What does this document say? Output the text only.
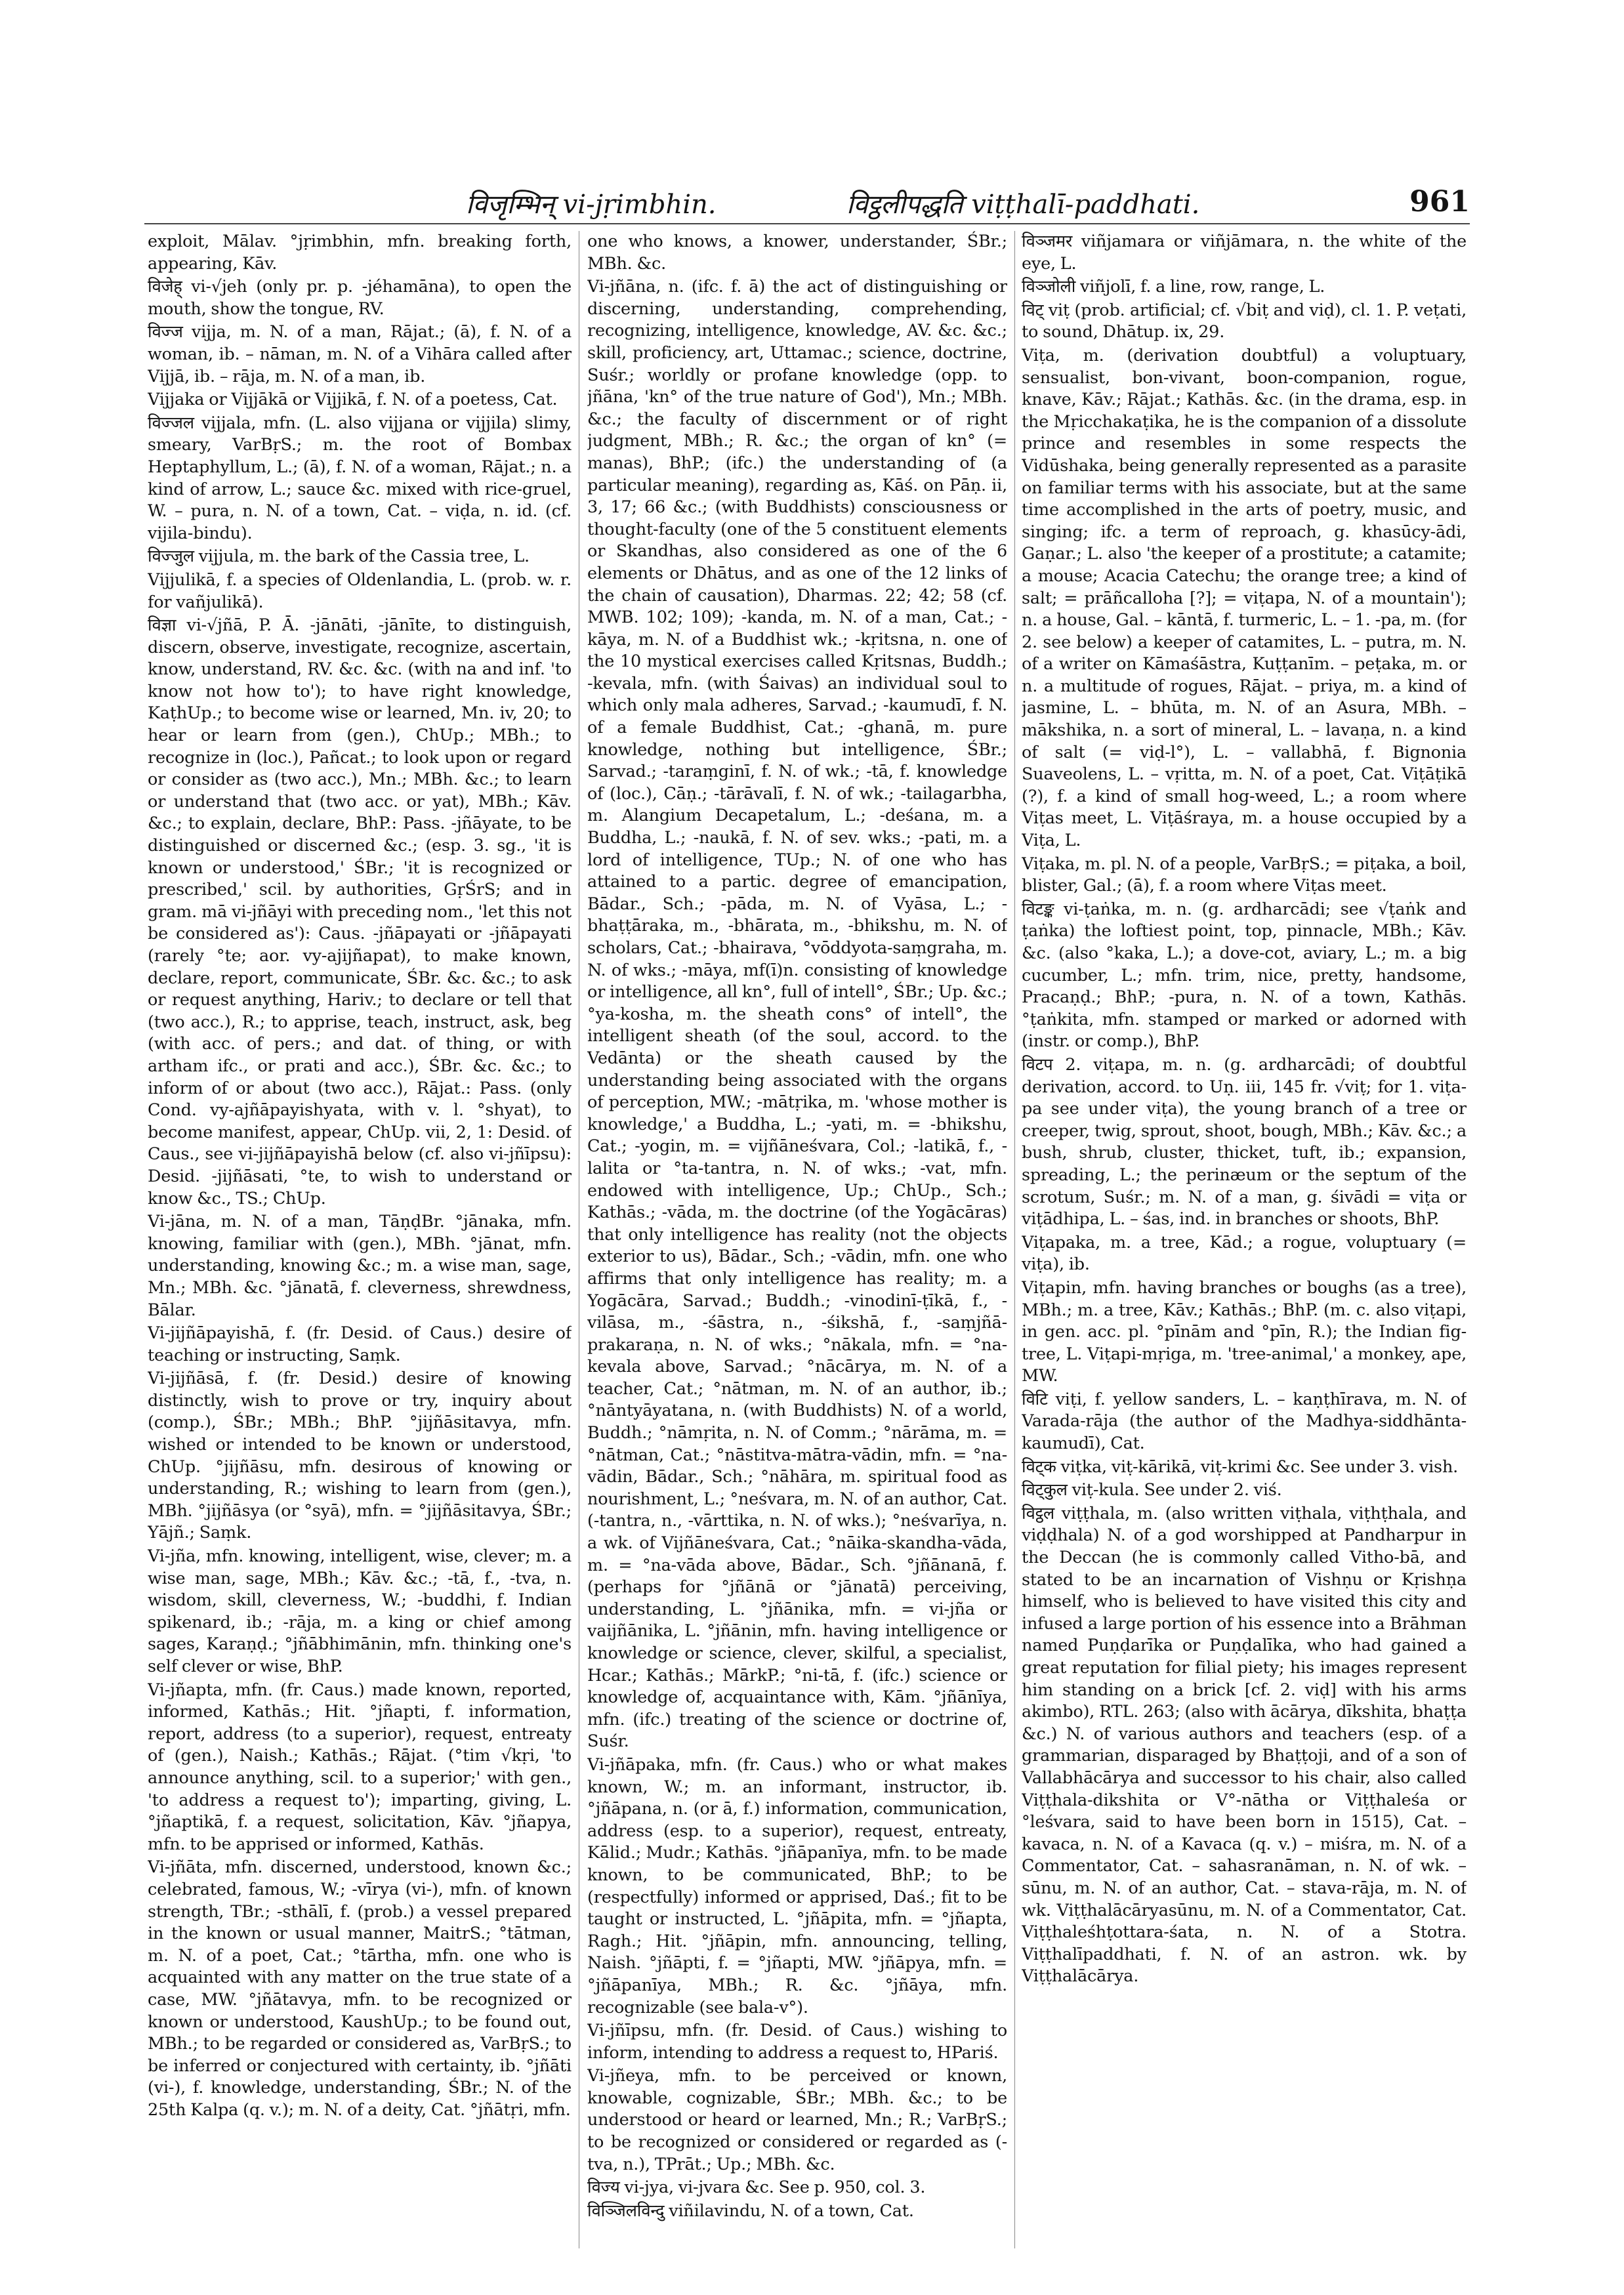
विजृम्भिन् vi-jṛimbhin.	विट्ठलीपद्धति viṭṭhalī-paddhati.	961

exploit, Mālav. °jṛimbhin, mfn. breaking forth, appearing, Kāv.

विजेह् vi-√jeh (only pr. p. -jéhamāna), to open the mouth, show the tongue, RV.

विज्ज vijja, m. N. of a man, Rājat.; (ā), f. N. of a woman, ib. – nāman, m. N. of a Vihāra called after Vijjā, ib. – rāja, m. N. of a man, ib.

Vijjaka or Vijjākā or Vijjikā, f. N. of a poetess, Cat.

विज्जल vijjala, mfn. (L. also vijjana or vijjila) slimy, smeary, VarBṛS.; m. the root of Bombax Heptaphyllum, L.; (ā), f. N. of a woman, Rājat.; n. a kind of arrow, L.; sauce &c. mixed with rice-gruel, W. – pura, n. N. of a town, Cat. – viḍa, n. id. (cf. vijila-bindu).

विज्जुल vijjula, m. the bark of the Cassia tree, L.

Vijjulikā, f. a species of Oldenlandia, L. (prob. w. r. for vañjulikā).

विज्ञा vi-√jñā, P. Ā. -jānāti, -jānīte, to distinguish, discern, observe, investigate, recognize, ascertain, know, understand, RV. &c. &c. (with na and inf. 'to know not how to'); to have right knowledge, KaṭhUp.; to become wise or learned, Mn. iv, 20; to hear or learn from (gen.), ChUp.; MBh.; to recognize in (loc.), Pañcat.; to look upon or regard or consider as (two acc.), Mn.; MBh. &c.; to learn or understand that (two acc. or yat), MBh.; Kāv. &c.; to explain, declare, BhP.: Pass. -jñāyate, to be distinguished or discerned &c.; (esp. 3. sg., 'it is known or understood,' ŚBr.; 'it is recognized or prescribed,' scil. by authorities, GṛŚrS; and in gram. mā vi-jñāyi with preceding nom., 'let this not be considered as'): Caus. -jñāpayati or -jñāpayati (rarely °te; aor. vy-ajijñapat), to make known, declare, report, communicate, ŚBr. &c. &c.; to ask or request anything, Hariv.; to declare or tell that (two acc.), R.; to apprise, teach, instruct, ask, beg (with acc. of pers.; and dat. of thing, or with artham ifc., or prati and acc.), ŚBr. &c. &c.; to inform of or about (two acc.), Rājat.: Pass. (only Cond. vy-ajñāpayishyata, with v. l. °shyat), to become manifest, appear, ChUp. vii, 2, 1: Desid. of Caus., see vi-jijñāpayishā below (cf. also vi-jñīpsu): Desid. -jijñāsati, °te, to wish to understand or know &c., TS.; ChUp.

Vi-jāna, m. N. of a man, TāṇḍBr. °jānaka, mfn. knowing, familiar with (gen.), MBh. °jānat, mfn. understanding, knowing &c.; m. a wise man, sage, Mn.; MBh. &c. °jānatā, f. cleverness, shrewdness, Bālar.

Vi-jijñāpayishā, f. (fr. Desid. of Caus.) desire of teaching or instructing, Saṃk.

Vi-jijñāsā, f. (fr. Desid.) desire of knowing distinctly, wish to prove or try, inquiry about (comp.), ŚBr.; MBh.; BhP. °jijñāsitavya, mfn. wished or intended to be known or understood, ChUp. °jijñāsu, mfn. desirous of knowing or understanding, R.; wishing to learn from (gen.), MBh. °jijñāsya (or °syā), mfn. = °jijñāsitavya, ŚBr.; Yājñ.; Saṃk.

Vi-jña, mfn. knowing, intelligent, wise, clever; m. a wise man, sage, MBh.; Kāv. &c.; -tā, f., -tva, n. wisdom, skill, cleverness, W.; -buddhi, f. Indian spikenard, ib.; -rāja, m. a king or chief among sages, Karaṇḍ.; °jñābhimānin, mfn. thinking one's self clever or wise, BhP.

Vi-jñapta, mfn. (fr. Caus.) made known, reported, informed, Kathās.; Hit. °jñapti, f. information, report, address (to a superior), request, entreaty of (gen.), Naish.; Kathās.; Rājat. (°tim √kṛi, 'to announce anything, scil. to a superior;' with gen., 'to address a request to'); imparting, giving, L. °jñaptikā, f. a request, solicitation, Kāv. °jñapya, mfn. to be apprised or informed, Kathās.

Vi-jñāta, mfn. discerned, understood, known &c.; celebrated, famous, W.; -vīrya (vi-), mfn. of known strength, TBr.; -sthālī, f. (prob.) a vessel prepared in the known or usual manner, MaitrS.; °tātman, m. N. of a poet, Cat.; °tārtha, mfn. one who is acquainted with any matter on the true state of a case, MW. °jñātavya, mfn. to be recognized or known or understood, KaushUp.; to be found out, MBh.; to be regarded or considered as, VarBṛS.; to be inferred or conjectured with certainty, ib. °jñāti (vi-), f. knowledge, understanding, ŚBr.; N. of the 25th Kalpa (q. v.); m. N. of a deity, Cat. °jñātṛi, mfn.

one who knows, a knower, understander, ŚBr.; MBh. &c.

Vi-jñāna, n. (ifc. f. ā) the act of distinguishing or discerning, understanding, comprehending, recognizing, intelligence, knowledge, AV. &c. &c.; skill, proficiency, art, Uttamac.; science, doctrine, Suśr.; worldly or profane knowledge (opp. to jñāna, 'kn° of the true nature of God'), Mn.; MBh. &c.; the faculty of discernment or of right judgment, MBh.; R. &c.; the organ of kn° (= manas), BhP.; (ifc.) the understanding of (a particular meaning), regarding as, Kāś. on Pāṇ. ii, 3, 17; 66 &c.; (with Buddhists) consciousness or thought-faculty (one of the 5 constituent elements or Skandhas, also considered as one of the 6 elements or Dhātus, and as one of the 12 links of the chain of causation), Dharmas. 22; 42; 58 (cf. MWB. 102; 109); -kanda, m. N. of a man, Cat.; -kāya, m. N. of a Buddhist wk.; -kṛitsna, n. one of the 10 mystical exercises called Kṛitsnas, Buddh.; -kevala, mfn. (with Śaivas) an individual soul to which only mala adheres, Sarvad.; -kaumudī, f. N. of a female Buddhist, Cat.; -ghanā, m. pure knowledge, nothing but intelligence, ŚBr.; Sarvad.; -taraṃginī, f. N. of wk.; -tā, f. knowledge of (loc.), Cāṇ.; -tārāvalī, f. N. of wk.; -tailagarbha, m. Alangium Decapetalum, L.; -deśana, m. a Buddha, L.; -naukā, f. N. of sev. wks.; -pati, m. a lord of intelligence, TUp.; N. of one who has attained to a partic. degree of emancipation, Bādar., Sch.; -pāda, m. N. of Vyāsa, L.; -bhaṭṭāraka, m., -bhārata, m., -bhikshu, m. N. of scholars, Cat.; -bhairava, °vōddyota-saṃgraha, m. N. of wks.; -māya, mf(ī)n. consisting of knowledge or intelligence, all kn°, full of intell°, ŚBr.; Up. &c.; °ya-kosha, m. the sheath cons° of intell°, the intelligent sheath (of the soul, accord. to the Vedānta) or the sheath caused by the understanding being associated with the organs of perception, MW.; -mātṛika, m. 'whose mother is knowledge,' a Buddha, L.; -yati, m. = -bhikshu, Cat.; -yogin, m. = vijñāneśvara, Col.; -latikā, f., -lalita or °ta-tantra, n. N. of wks.; -vat, mfn. endowed with intelligence, Up.; ChUp., Sch.; Kathās.; -vāda, m. the doctrine (of the Yogācāras) that only intelligence has reality (not the objects exterior to us), Bādar., Sch.; -vādin, mfn. one who affirms that only intelligence has reality; m. a Yogācāra, Sarvad.; Buddh.; -vinodinī-ṭīkā, f., -vilāsa, m., -śāstra, n., -śikshā, f., -saṃjñā-prakaraṇa, n. N. of wks.; °nākala, mfn. = °na-kevala above, Sarvad.; °nācārya, m. N. of a teacher, Cat.; °nātman, m. N. of an author, ib.; °nāntyāyatana, n. (with Buddhists) N. of a world, Buddh.; °nāmṛita, n. N. of Comm.; °nārāma, m. = °nātman, Cat.; °nāstitva-mātra-vādin, mfn. = °na-vādin, Bādar., Sch.; °nāhāra, m. spiritual food as nourishment, L.; °neśvara, m. N. of an author, Cat. (-tantra, n., -vārttika, n. N. of wks.); °neśvarīya, n. a wk. of Vijñāneśvara, Cat.; °nāika-skandha-vāda, m. = °na-vāda above, Bādar., Sch. °jñānanā, f. (perhaps for °jñānā or °jānatā) perceiving, understanding, L. °jñānika, mfn. = vi-jña or vaijñānika, L. °jñānin, mfn. having intelligence or knowledge or science, clever, skilful, a specialist, Hcar.; Kathās.; MārkP.; °ni-tā, f. (ifc.) science or knowledge of, acquaintance with, Kām. °jñānīya, mfn. (ifc.) treating of the science or doctrine of, Suśr.

Vi-jñāpaka, mfn. (fr. Caus.) who or what makes known, W.; m. an informant, instructor, ib. °jñāpana, n. (or ā, f.) information, communication, address (esp. to a superior), request, entreaty, Kālid.; Mudr.; Kathās. °jñāpanīya, mfn. to be made known, to be communicated, BhP.; to be (respectfully) informed or apprised, Daś.; fit to be taught or instructed, L. °jñāpita, mfn. = °jñapta, Ragh.; Hit. °jñāpin, mfn. announcing, telling, Naish. °jñāpti, f. = °jñapti, MW. °jñāpya, mfn. = °jñāpanīya, MBh.; R. &c. °jñāya, mfn. recognizable (see bala-v°).

Vi-jñīpsu, mfn. (fr. Desid. of Caus.) wishing to inform, intending to address a request to, HPariś.

Vi-jñeya, mfn. to be perceived or known, knowable, cognizable, ŚBr.; MBh. &c.; to be understood or heard or learned, Mn.; R.; VarBṛS.; to be recognized or considered or regarded as (-tva, n.), TPrāt.; Up.; MBh. &c.

विज्य vi-jya, vi-jvara &c. See p. 950, col. 3.

विञ्जिलविन्दु viñilavindu, N. of a town, Cat.

विञ्जमर viñjamara or viñjāmara, n. the white of the eye, L.

विञ्जोली viñjolī, f. a line, row, range, L.

विट् viṭ (prob. artificial; cf. √biṭ and viḍ), cl. 1. P. veṭati, to sound, Dhātup. ix, 29.

Viṭa, m. (derivation doubtful) a voluptuary, sensualist, bon-vivant, boon-companion, rogue, knave, Kāv.; Rājat.; Kathās. &c. (in the drama, esp. in the Mṛicchakaṭika, he is the companion of a dissolute prince and resembles in some respects the Vidūshaka, being generally represented as a parasite on familiar terms with his associate, but at the same time accomplished in the arts of poetry, music, and singing; ifc. a term of reproach, g. khasūcy-ādi, Gaṇar.; L. also 'the keeper of a prostitute; a catamite; a mouse; Acacia Catechu; the orange tree; a kind of salt; = prāñcalloha [?]; = viṭapa, N. of a mountain'); n. a house, Gal. – kāntā, f. turmeric, L. – 1. -pa, m. (for 2. see below) a keeper of catamites, L. – putra, m. N. of a writer on Kāmaśāstra, Kuṭṭanīm. – peṭaka, m. or n. a multitude of rogues, Rājat. – priya, m. a kind of jasmine, L. – bhūta, m. N. of an Asura, MBh. – mākshika, n. a sort of mineral, L. – lavaṇa, n. a kind of salt (= viḍ-l°), L. – vallabhā, f. Bignonia Suaveolens, L. – vṛitta, m. N. of a poet, Cat. Viṭāṭikā (?), f. a kind of small hog-weed, L.; a room where Viṭas meet, L. Viṭāśraya, m. a house occupied by a Viṭa, L.

Viṭaka, m. pl. N. of a people, VarBṛS.; = piṭaka, a boil, blister, Gal.; (ā), f. a room where Viṭas meet.

विटङ्क vi-ṭaṅka, m. n. (g. ardharcādi; see √ṭaṅk and ṭaṅka) the loftiest point, top, pinnacle, MBh.; Kāv. &c. (also °kaka, L.); a dove-cot, aviary, L.; m. a big cucumber, L.; mfn. trim, nice, pretty, handsome, Pracaṇḍ.; BhP.; -pura, n. N. of a town, Kathās. °ṭaṅkita, mfn. stamped or marked or adorned with (instr. or comp.), BhP.

विटप 2. viṭapa, m. n. (g. ardharcādi; of doubtful derivation, accord. to Uṇ. iii, 145 fr. √viṭ; for 1. viṭa-pa see under viṭa), the young branch of a tree or creeper, twig, sprout, shoot, bough, MBh.; Kāv. &c.; a bush, shrub, cluster, thicket, tuft, ib.; expansion, spreading, L.; the perinæum or the septum of the scrotum, Suśr.; m. N. of a man, g. śivādi = viṭa or viṭādhipa, L. – śas, ind. in branches or shoots, BhP.

Viṭapaka, m. a tree, Kād.; a rogue, voluptuary (= viṭa), ib.

Viṭapin, mfn. having branches or boughs (as a tree), MBh.; m. a tree, Kāv.; Kathās.; BhP. (m. c. also viṭapi, in gen. acc. pl. °pīnām and °pīn, R.); the Indian fig-tree, L. Viṭapi-mṛiga, m. 'tree-animal,' a monkey, ape, MW.

विटि viṭi, f. yellow sanders, L. – kaṇṭhīrava, m. N. of Varada-rāja (the author of the Madhya-siddhānta-kaumudī), Cat.

विट्क viṭka, viṭ-kārikā, viṭ-krimi &c. See under 3. vish.

विट्कुल viṭ-kula. See under 2. viś.

विट्ठल viṭṭhala, m. (also written viṭhala, viṭhṭhala, and viḍḍhala) N. of a god worshipped at Pandharpur in the Deccan (he is commonly called Vitho-bā, and stated to be an incarnation of Vishṇu or Kṛishṇa himself, who is believed to have visited this city and infused a large portion of his essence into a Brāhman named Puṇḍarīka or Puṇḍalīka, who had gained a great reputation for filial piety; his images represent him standing on a brick [cf. 2. viḍ] with his arms akimbo), RTL. 263; (also with ācārya, dīkshita, bhaṭṭa &c.) N. of various authors and teachers (esp. of a grammarian, disparaged by Bhaṭṭoji, and of a son of Vallabhācārya and successor to his chair, also called Viṭṭhala-dikshita or V°-nātha or Viṭṭhaleśa or °leśvara, said to have been born in 1515), Cat. – kavaca, n. N. of a Kavaca (q. v.) – miśra, m. N. of a Commentator, Cat. – sahasranāman, n. N. of wk. – sūnu, m. N. of an author, Cat. – stava-rāja, m. N. of wk. Viṭṭhalācāryasūnu, m. N. of a Commentator, Cat. Viṭṭhaleśhṭottara-śata, n. N. of a Stotra. Viṭṭhalīpaddhati, f. N. of an astron. wk. by Viṭṭhalācārya.
